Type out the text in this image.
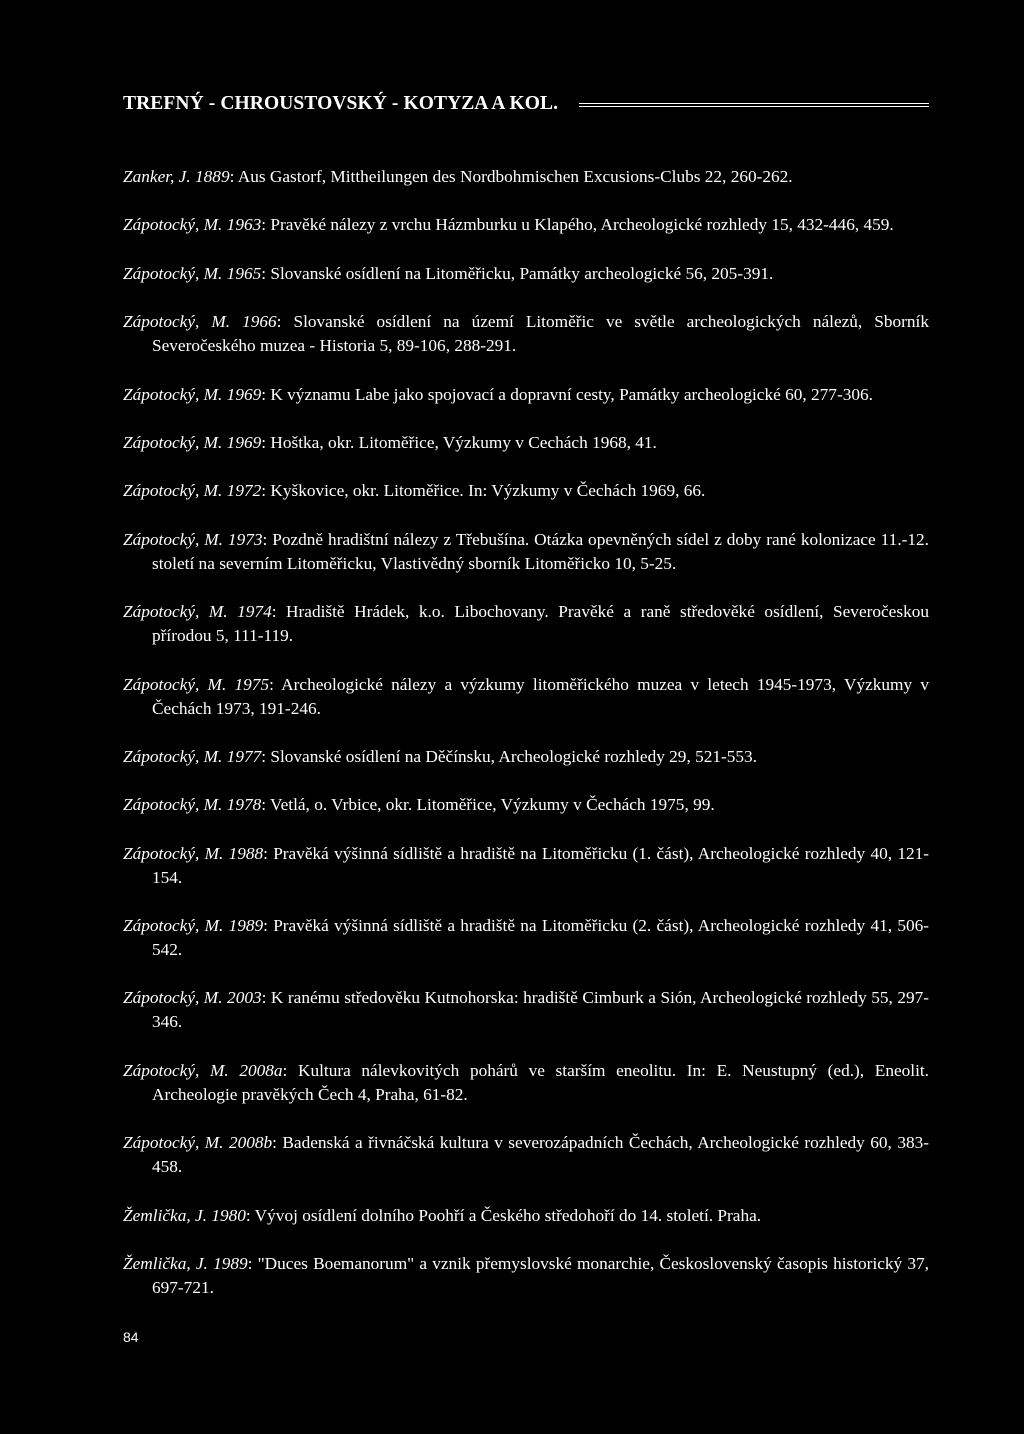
TREFNÝ - CHROUSTOVSKÝ - KOTYZA A KOL.

Zanker, J. 1889: Aus Gastorf, Mittheilungen des Nordbohmischen Excusions-Clubs 22, 260-262.

Zápotocký, M. 1963: Pravěké nálezy z vrchu Házmburku u Klapého, Archeologické rozhledy 15, 432-446, 459.

Zápotocký, M. 1965: Slovanské osídlení na Litoměřicku, Památky archeologické 56, 205-391.

Zápotocký, M. 1966: Slovanské osídlení na území Litoměřic ve světle archeologických nálezů, Sborník Severočeského muzea - Historia 5, 89-106, 288-291.

Zápotocký, M. 1969: K významu Labe jako spojovací a dopravní cesty, Památky archeologické 60, 277-306.

Zápotocký, M. 1969: Hoštka, okr. Litoměřice, Výzkumy v Cechách 1968, 41.

Zápotocký, M. 1972: Kyškovice, okr. Litoměřice. In: Výzkumy v Čechách 1969, 66.

Zápotocký, M. 1973: Pozdně hradištní nálezy z Třebušína. Otázka opevněných sídel z doby rané kolonizace 11.-12. století na severním Litoměřicku, Vlastivědný sborník Litoměřicko 10, 5-25.

Zápotocký, M. 1974: Hradiště Hrádek, k.o. Libochovany. Pravěké a raně středověké osídlení, Severočeskou přírodou 5, 111-119.

Zápotocký, M. 1975: Archeologické nálezy a výzkumy litoměřického muzea v letech 1945-1973, Výzkumy v Čechách 1973, 191-246.

Zápotocký, M. 1977: Slovanské osídlení na Děčínsku, Archeologické rozhledy 29, 521-553.

Zápotocký, M. 1978: Vetlá, o. Vrbice, okr. Litoměřice, Výzkumy v Čechách 1975, 99.

Zápotocký, M. 1988: Pravěká výšinná sídliště a hradiště na Litoměřicku (1. část), Archeologické rozhledy 40, 121-154.

Zápotocký, M. 1989: Pravěká výšinná sídliště a hradiště na Litoměřicku (2. část), Archeologické rozhledy 41, 506-542.

Zápotocký, M. 2003: K ranému středověku Kutnohorska: hradiště Cimburk a Sión, Archeologické rozhledy 55, 297-346.

Zápotocký, M. 2008a: Kultura nálevkovitých pohárů ve starším eneolitu. In: E. Neustupný (ed.), Eneolit. Archeologie pravěkých Čech 4, Praha, 61-82.

Zápotocký, M. 2008b: Badenská a řivnáčská kultura v severozápadních Čechách, Archeologické rozhledy 60, 383-458.

Žemlička, J. 1980: Vývoj osídlení dolního Poohří a Českého středohoří do 14. století. Praha.

Žemlička, J. 1989: "Duces Boemanorum" a vznik přemyslovské monarchie, Československý časopis historický 37, 697-721.

84
